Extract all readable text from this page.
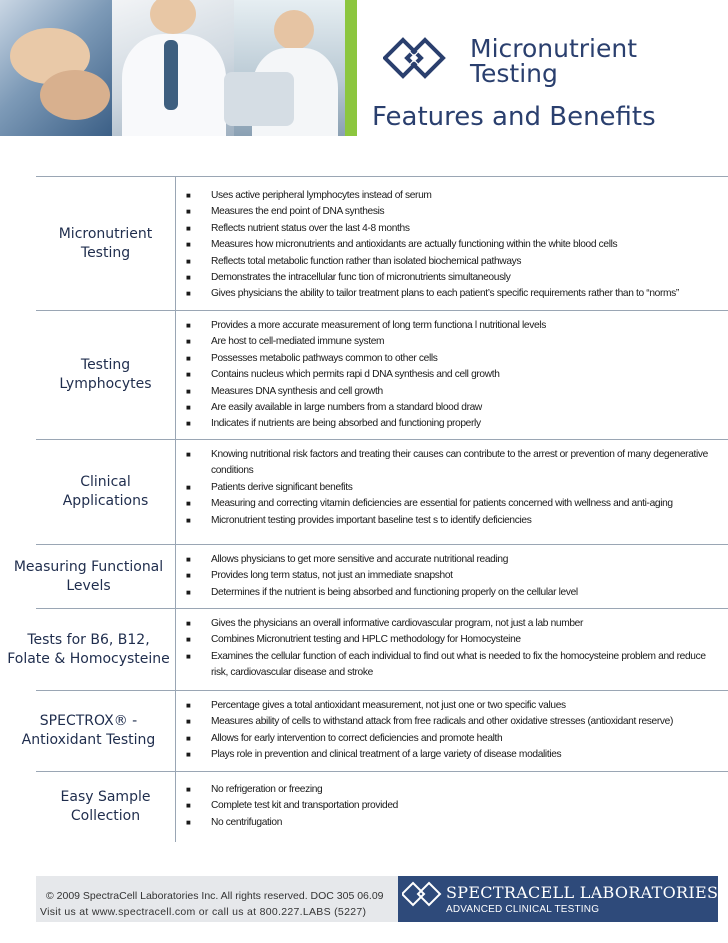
Micronutrient
Testing
Features and Benefits
Micronutrient Testing
■	Uses active peripheral lymphocytes instead of serum
■	Measures the end point of DNA synthesis
■	Reflects nutrient status over the last 4-8 months
■	Measures how micronutrients and antioxidants are actually functioning within the white blood cells
■	Reflects total metabolic function rather than isolated biochemical pathways
■	Demonstrates the intracellular func tion of micronutrients simultaneously
■	Gives physicians the ability to tailor treatment plans to each patient’s specific requirements rather than to “norms”
Testing Lymphocytes
■	Provides a more accurate measurement of long term functiona l nutritional levels
■	Are host to cell-mediated immune system
■	Possesses metabolic pathways common to other cells
■	Contains nucleus which permits rapi d DNA synthesis and cell growth
■	Measures DNA synthesis and cell growth
■	Are easily available in large numbers from a standard blood draw
■	Indicates if nutrients are being absorbed and functioning properly
Clinical Applications
■	Knowing nutritional risk factors and treating their causes can contribute to the arrest or prevention of many degenerative conditions
■	Patients derive significant benefits
■	Measuring and correcting vitamin deficiencies are essential for patients concerned with wellness and anti-aging
■	Micronutrient testing provides important baseline test s to identify deficiencies
Measuring Functional Levels
■	Allows physicians to get more sensitive and accurate nutritional reading
■	Provides long term status, not just an immediate snapshot
■	Determines if the nutrient is being absorbed and functioning properly on the cellular level
Tests for B6, B12, Folate & Homocysteine
■	Gives the physicians an overall informative cardiovascular program, not just a lab number
■	Combines Micronutrient testing and HPLC methodology for Homocysteine
■	Examines the cellular function of each individual to find out what is needed to fix the homocysteine problem and reduce risk, cardiovascular disease and stroke
SPECTROX® - Antioxidant Testing
■	Percentage gives a total antioxidant measurement, not just one or two specific values
■	Measures ability of cells to withstand attack from free radicals and other oxidative stresses (antioxidant reserve)
■	Allows for early intervention to correct deficiencies and promote health
■	Plays role in prevention and clinical treatment of a large variety of disease modalities
Easy Sample Collection
■	No refrigeration or freezing
■	Complete test kit and transportation provided
■	No centrifugation
© 2009 SpectraCell Laboratories Inc. All rights reserved. DOC 305 06.09
Visit us at www.spectracell.com or call us at 800.227.LABS (5227)
SPECTRACELL LABORATORIES
ADVANCED CLINICAL TESTING
